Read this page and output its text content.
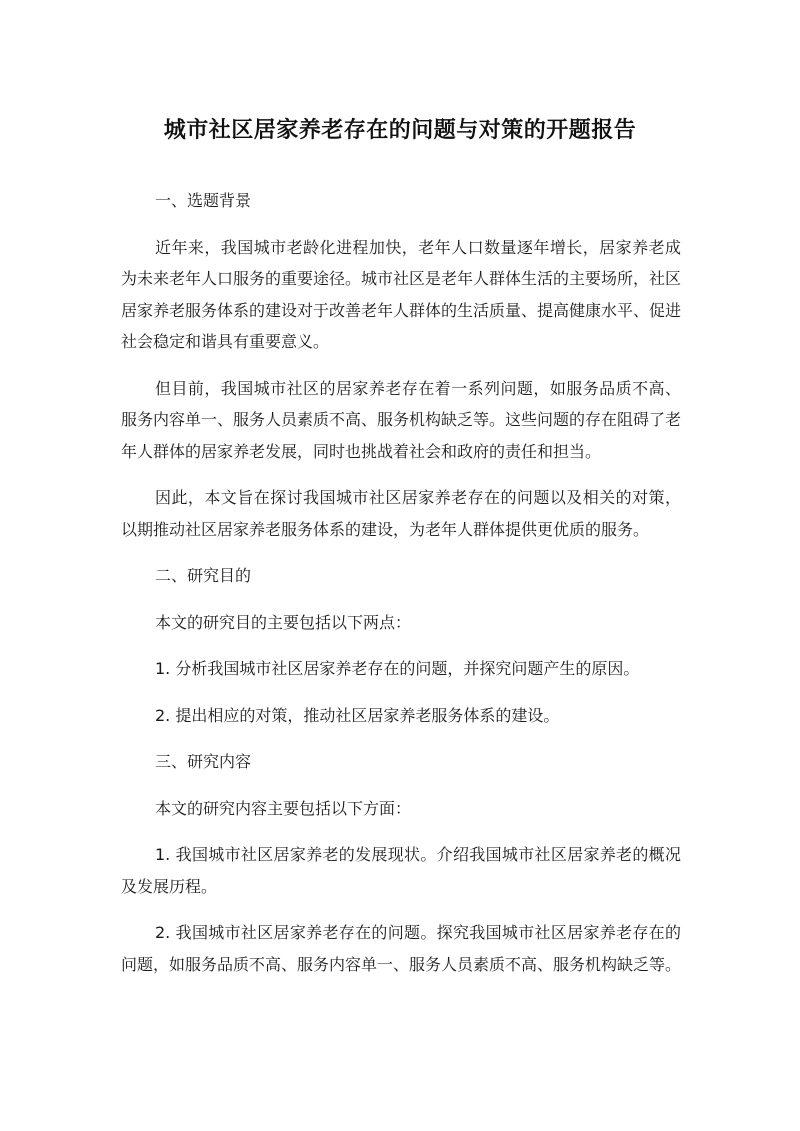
城市社区居家养老存在的问题与对策的开题报告
一、选题背景

近年来，我国城市老龄化进程加快，老年人口数量逐年增长，居家养老成为未来老年人口服务的重要途径。城市社区是老年人群体生活的主要场所，社区居家养老服务体系的建设对于改善老年人群体的生活质量、提高健康水平、促进社会稳定和谐具有重要意义。

但目前，我国城市社区的居家养老存在着一系列问题，如服务品质不高、服务内容单一、服务人员素质不高、服务机构缺乏等。这些问题的存在阻碍了老年人群体的居家养老发展，同时也挑战着社会和政府的责任和担当。

因此，本文旨在探讨我国城市社区居家养老存在的问题以及相关的对策，以期推动社区居家养老服务体系的建设，为老年人群体提供更优质的服务。

二、研究目的

本文的研究目的主要包括以下两点：

1. 分析我国城市社区居家养老存在的问题，并探究问题产生的原因。

2. 提出相应的对策，推动社区居家养老服务体系的建设。

三、研究内容

本文的研究内容主要包括以下方面：

1. 我国城市社区居家养老的发展现状。介绍我国城市社区居家养老的概况及发展历程。

2. 我国城市社区居家养老存在的问题。探究我国城市社区居家养老存在的问题，如服务品质不高、服务内容单一、服务人员素质不高、服务机构缺乏等。
